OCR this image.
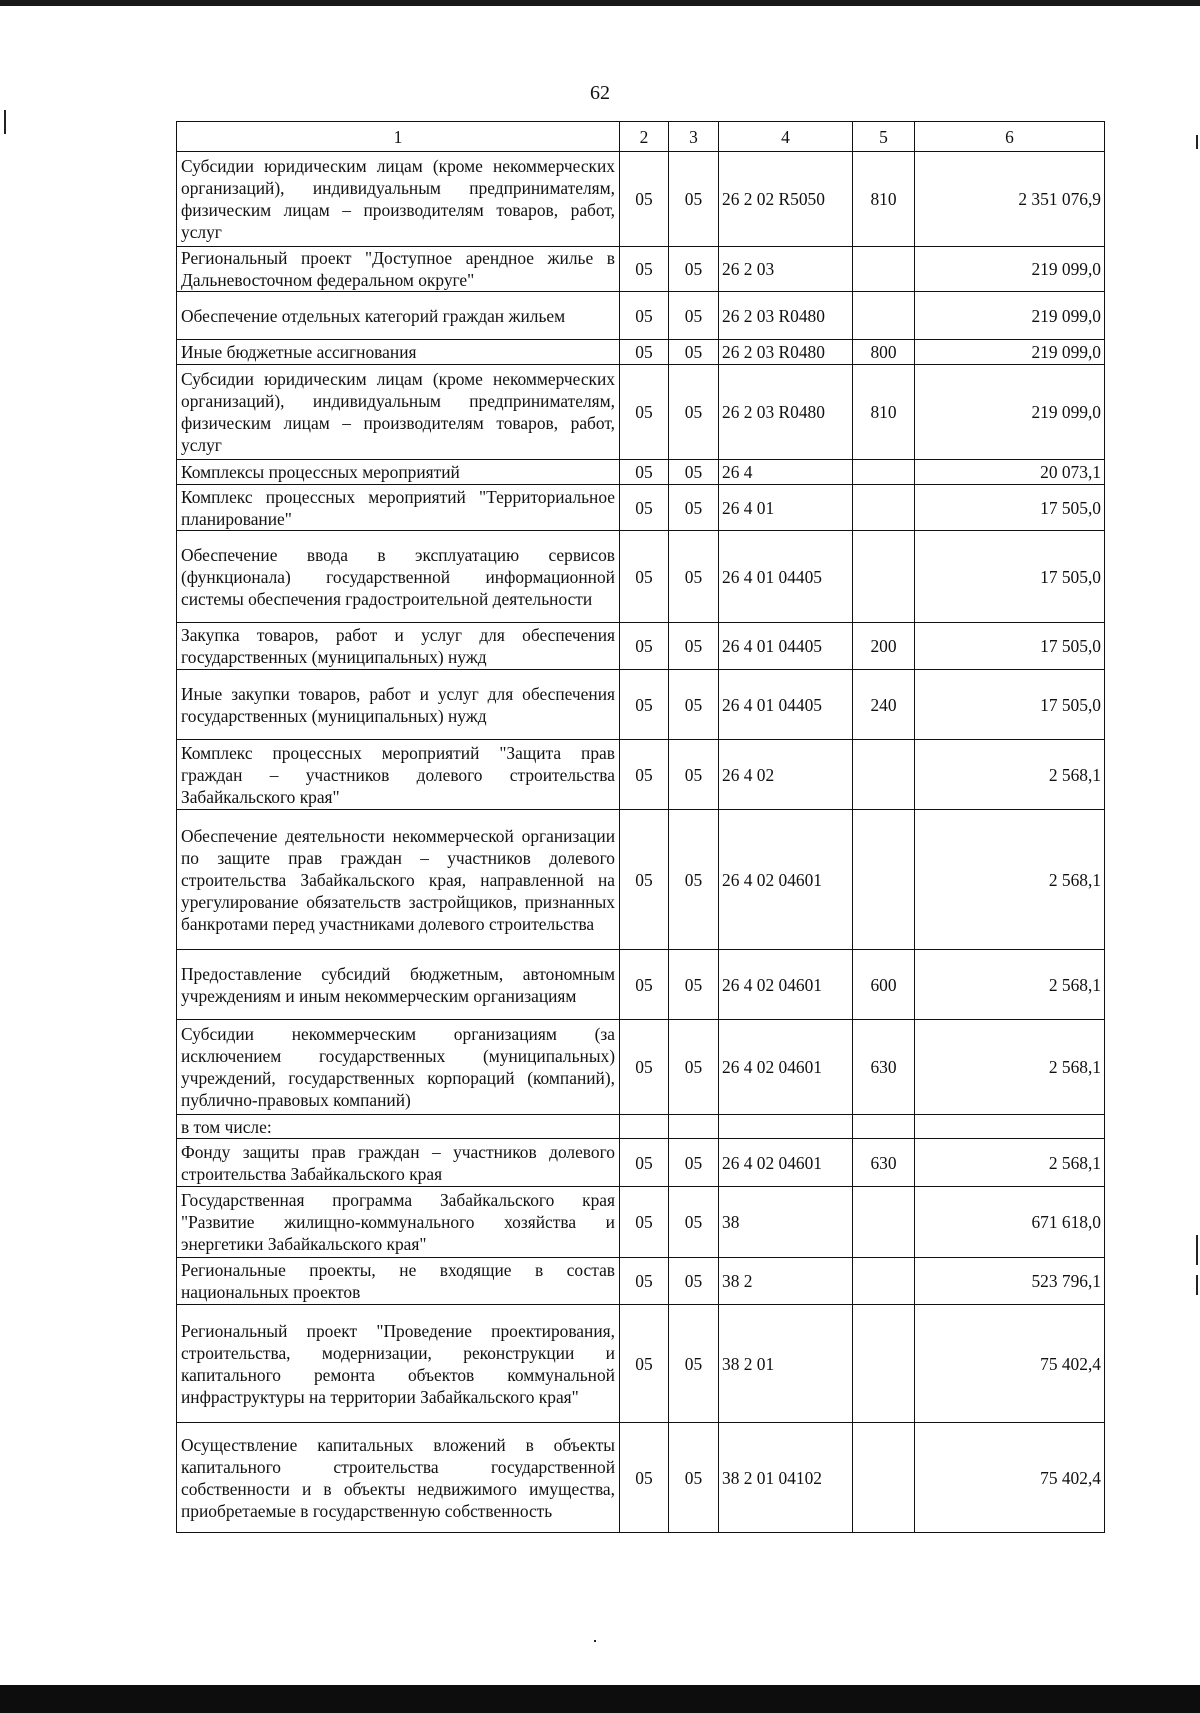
62
1	2	3	4	5	6
Субсидии юридическим лицам (кроме некоммерческих организаций), индивидуальным предпринимателям, физическим лицам – производителям товаров, работ, услуг	05	05	26 2 02 R5050	810	2 351 076,9
Региональный проект "Доступное арендное жилье в Дальневосточном федеральном округе"	05	05	26 2 03		219 099,0
Обеспечение отдельных категорий граждан жильем	05	05	26 2 03 R0480		219 099,0
Иные бюджетные ассигнования	05	05	26 2 03 R0480	800	219 099,0
Субсидии юридическим лицам (кроме некоммерческих организаций), индивидуальным предпринимателям, физическим лицам – производителям товаров, работ, услуг	05	05	26 2 03 R0480	810	219 099,0
Комплексы процессных мероприятий	05	05	26 4		20 073,1
Комплекс процессных мероприятий "Территориальное планирование"	05	05	26 4 01		17 505,0
Обеспечение ввода в эксплуатацию сервисов (функционала) государственной информационной системы обеспечения градостроительной деятельности	05	05	26 4 01 04405		17 505,0
Закупка товаров, работ и услуг для обеспечения государственных (муниципальных) нужд	05	05	26 4 01 04405	200	17 505,0
Иные закупки товаров, работ и услуг для обеспечения государственных (муниципальных) нужд	05	05	26 4 01 04405	240	17 505,0
Комплекс процессных мероприятий "Защита прав граждан – участников долевого строительства Забайкальского края"	05	05	26 4 02		2 568,1
Обеспечение деятельности некоммерческой организации по защите прав граждан – участников долевого строительства Забайкальского края, направленной на урегулирование обязательств застройщиков, признанных банкротами перед участниками долевого строительства	05	05	26 4 02 04601		2 568,1
Предоставление субсидий бюджетным, автономным учреждениям и иным некоммерческим организациям	05	05	26 4 02 04601	600	2 568,1
Субсидии некоммерческим организациям (за исключением государственных (муниципальных) учреждений, государственных корпораций (компаний), публично-правовых компаний)	05	05	26 4 02 04601	630	2 568,1
в том числе:					
Фонду защиты прав граждан – участников долевого строительства Забайкальского края	05	05	26 4 02 04601	630	2 568,1
Государственная программа Забайкальского края "Развитие жилищно-коммунального хозяйства и энергетики Забайкальского края"	05	05	38		671 618,0
Региональные проекты, не входящие в состав национальных проектов	05	05	38 2		523 796,1
Региональный проект "Проведение проектирования, строительства, модернизации, реконструкции и капитального ремонта объектов коммунальной инфраструктуры на территории Забайкальского края"	05	05	38 2 01		75 402,4
Осуществление капитальных вложений в объекты капитального строительства государственной собственности и в объекты недвижимого имущества, приобретаемые в государственную собственность	05	05	38 2 01 04102		75 402,4
